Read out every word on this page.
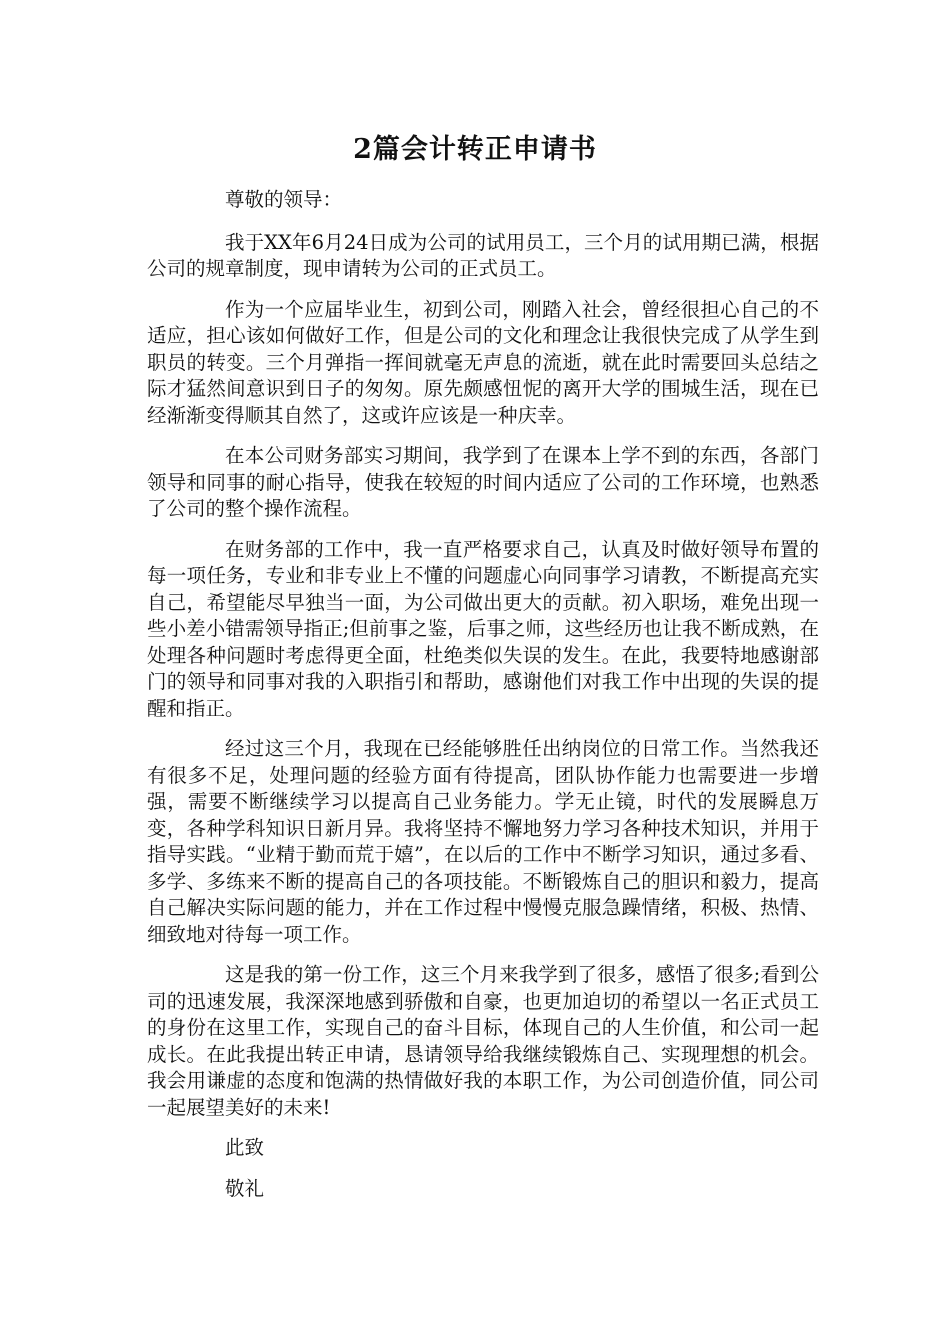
2篇会计转正申请书

尊敬的领导：

我于XX年6月24日成为公司的试用员工，三个月的试用期已满，根据公司的规章制度，现申请转为公司的正式员工。

作为一个应届毕业生，初到公司，刚踏入社会，曾经很担心自己的不适应，担心该如何做好工作，但是公司的文化和理念让我很快完成了从学生到职员的转变。三个月弹指一挥间就毫无声息的流逝，就在此时需要回头总结之际才猛然间意识到日子的匆匆。原先颇感忸怩的离开大学的围城生活，现在已经渐渐变得顺其自然了，这或许应该是一种庆幸。

在本公司财务部实习期间，我学到了在课本上学不到的东西，各部门领导和同事的耐心指导，使我在较短的时间内适应了公司的工作环境，也熟悉了公司的整个操作流程。

在财务部的工作中，我一直严格要求自己，认真及时做好领导布置的每一项任务，专业和非专业上不懂的问题虚心向同事学习请教，不断提高充实自己，希望能尽早独当一面，为公司做出更大的贡献。初入职场，难免出现一些小差小错需领导指正;但前事之鉴，后事之师，这些经历也让我不断成熟，在处理各种问题时考虑得更全面，杜绝类似失误的发生。在此，我要特地感谢部门的领导和同事对我的入职指引和帮助，感谢他们对我工作中出现的失误的提醒和指正。

经过这三个月，我现在已经能够胜任出纳岗位的日常工作。当然我还有很多不足，处理问题的经验方面有待提高，团队协作能力也需要进一步增强，需要不断继续学习以提高自己业务能力。学无止镜，时代的发展瞬息万变，各种学科知识日新月异。我将坚持不懈地努力学习各种技术知识，并用于指导实践。“业精于勤而荒于嬉”，在以后的工作中不断学习知识，通过多看、多学、多练来不断的提高自己的各项技能。不断锻炼自己的胆识和毅力，提高自己解决实际问题的能力，并在工作过程中慢慢克服急躁情绪，积极、热情、细致地对待每一项工作。

这是我的第一份工作，这三个月来我学到了很多，感悟了很多;看到公司的迅速发展，我深深地感到骄傲和自豪，也更加迫切的希望以一名正式员工的身份在这里工作，实现自己的奋斗目标，体现自己的人生价值，和公司一起成长。在此我提出转正申请，恳请领导给我继续锻炼自己、实现理想的机会。我会用谦虚的态度和饱满的热情做好我的本职工作，为公司创造价值，同公司一起展望美好的未来!

此致

敬礼
